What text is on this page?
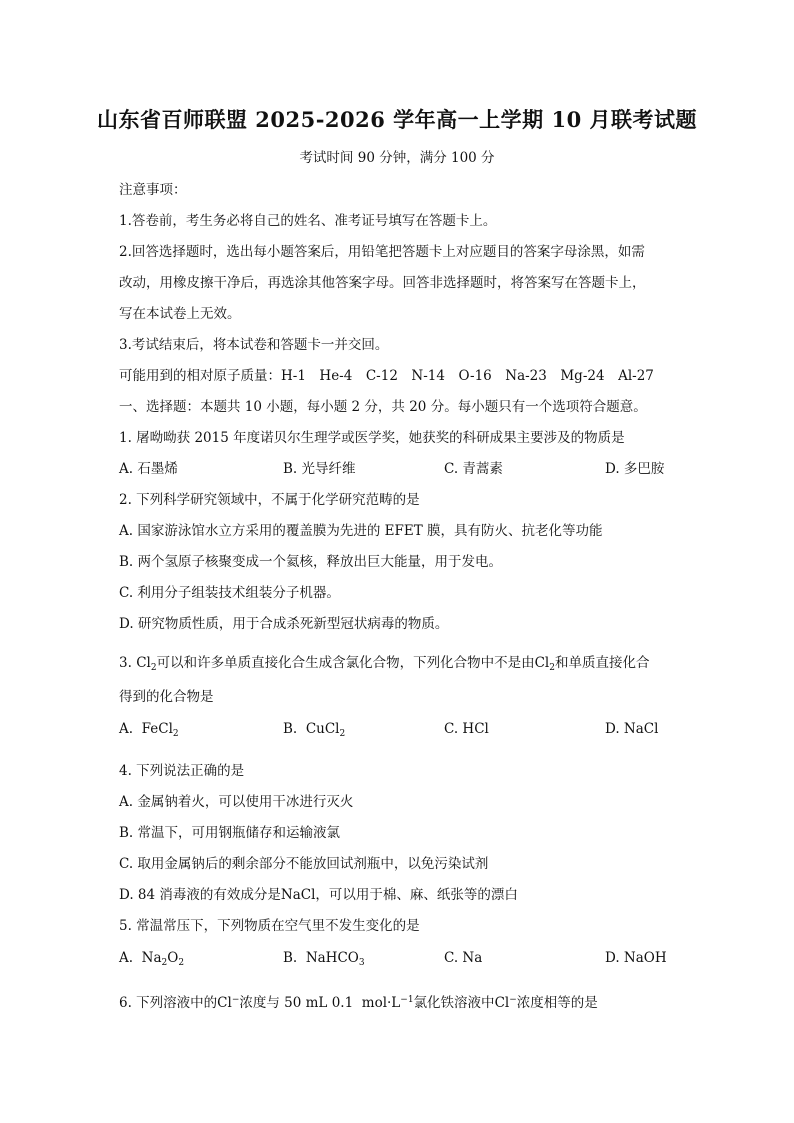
山东省百师联盟 2025-2026 学年高一上学期 10 月联考试题
考试时间 90 分钟，满分 100 分
注意事项：
1.答卷前，考生务必将自己的姓名、准考证号填写在答题卡上。
2.回答选择题时，选出每小题答案后，用铅笔把答题卡上对应题目的答案字母涂黑，如需
改动，用橡皮擦干净后，再选涂其他答案字母。回答非选择题时，将答案写在答题卡上，
写在本试卷上无效。
3.考试结束后，将本试卷和答题卡一并交回。
可能用到的相对原子质量：H-1　He-4　C-12　N-14　O-16　Na-23　Mg-24　Al-27
一、选择题：本题共 10 小题，每小题 2 分，共 20 分。每小题只有一个选项符合题意。
1. 屠呦呦获 2015 年度诺贝尔生理学或医学奖，她获奖的科研成果主要涉及的物质是
A. 石墨烯	B. 光导纤维	C. 青蒿素	D. 多巴胺
2. 下列科学研究领域中，不属于化学研究范畴的是
A. 国家游泳馆水立方采用的覆盖膜为先进的 EFET 膜，具有防火、抗老化等功能
B. 两个氢原子核聚变成一个氦核，释放出巨大能量，用于发电。
C. 利用分子组装技术组装分子机器。
D. 研究物质性质，用于合成杀死新型冠状病毒的物质。
3. $Cl_2$可以和许多单质直接化合生成含氯化合物，下列化合物中不是由$Cl_2$和单质直接化合
得到的化合物是
A. FeCl$_2$	B. CuCl$_2$	C. HCl	D. NaCl
4. 下列说法正确的是
A. 金属钠着火，可以使用干冰进行灭火
B. 常温下，可用钢瓶储存和运输液氯
C. 取用金属钠后的剩余部分不能放回试剂瓶中，以免污染试剂
D. 84 消毒液的有效成分是NaCl，可以用于棉、麻、纸张等的漂白
5. 常温常压下，下列物质在空气里不发生变化的是
A. $Na_2O_2$	B. NaHCO$_3$	C. Na	D. NaOH
6. 下列溶液中的Cl−浓度与 50 mL 0.1 $mol\cdot L^{-1}$氯化铁溶液中Cl−浓度相等的是
